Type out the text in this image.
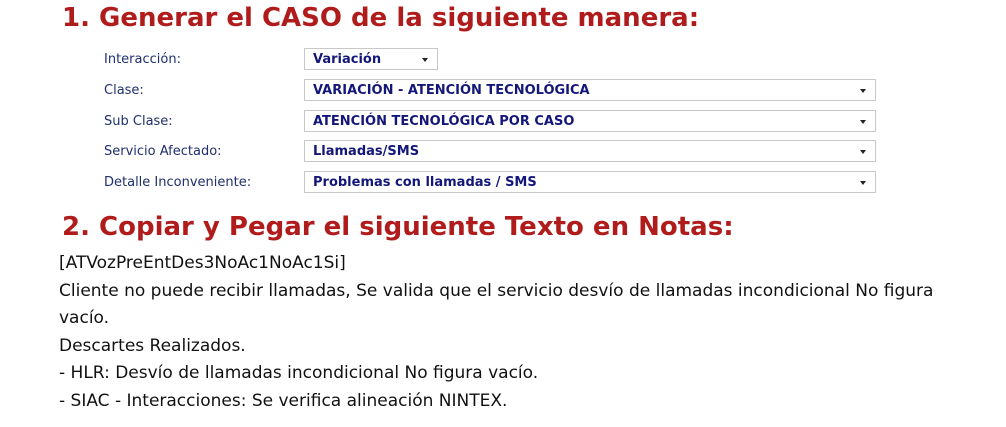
1. Generar el CASO de la siguiente manera:
Interacción:	Variación
Clase:	VARIACIÓN - ATENCIÓN TECNOLÓGICA
Sub Clase:	ATENCIÓN TECNOLÓGICA POR CASO
Servicio Afectado:	Llamadas/SMS
Detalle Inconveniente:	Problemas con llamadas / SMS
2. Copiar y Pegar el siguiente Texto en Notas:
[ATVozPreEntDes3NoAc1NoAc1Si]
Cliente no puede recibir llamadas, Se valida que el servicio desvío de llamadas incondicional No figura
vacío.
Descartes Realizados.
- HLR: Desvío de llamadas incondicional No figura vacío.
- SIAC - Interacciones: Se verifica alineación NINTEX.
